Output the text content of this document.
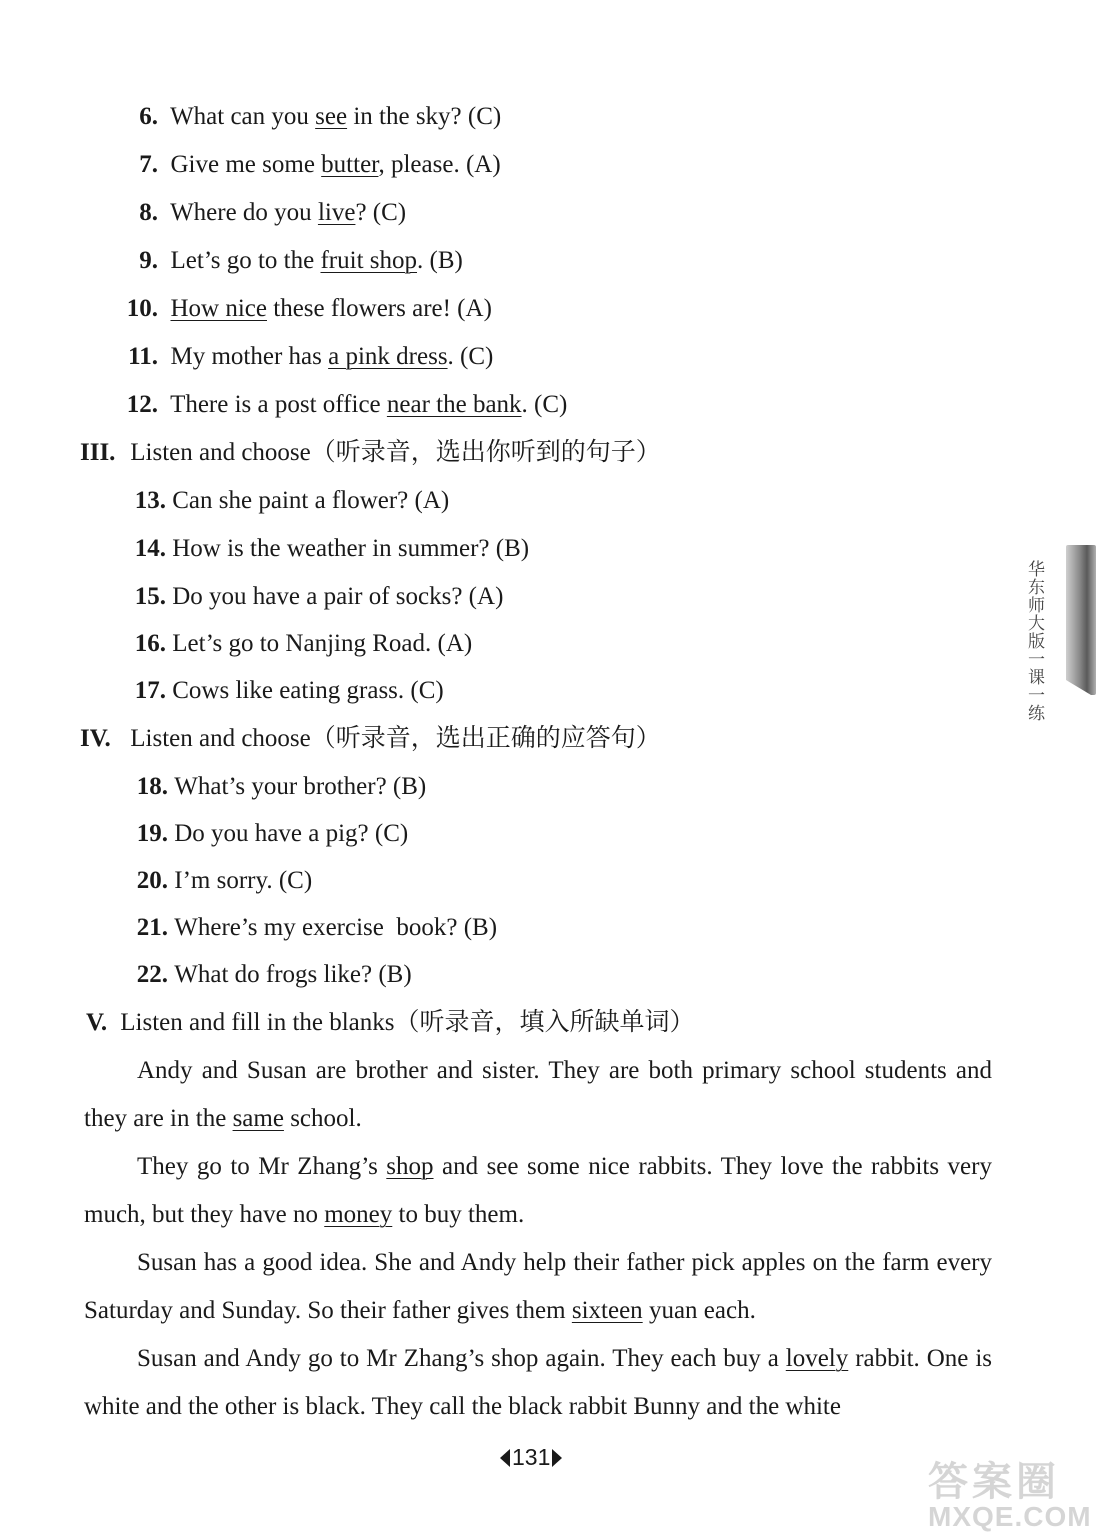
6. What can you see in the sky? (C)
7. Give me some butter, please. (A)
8. Where do you live? (C)
9. Let’s go to the fruit shop. (B)
10. How nice these flowers are! (A)
11. My mother has a pink dress. (C)
12. There is a post office near the bank. (C)
III. Listen and choose（听录音，选出你听到的句子）
13. Can she paint a flower? (A)
14. How is the weather in summer? (B)
15. Do you have a pair of socks? (A)
16. Let’s go to Nanjing Road. (A)
17. Cows like eating grass. (C)
IV. Listen and choose（听录音，选出正确的应答句）
18. What’s your brother? (B)
19. Do you have a pig? (C)
20. I’m sorry. (C)
21. Where’s my exercise  book? (B)
22. What do frogs like? (B)
V. Listen and fill in the blanks（听录音，填入所缺单词）

Andy and Susan are brother and sister. They are both primary school students and they are in the same school.

They go to Mr Zhang’s shop and see some nice rabbits. They love the rabbits very much, but they have no money to buy them.

Susan has a good idea. She and Andy help their father pick apples on the farm every Saturday and Sunday. So their father gives them sixteen yuan each.

Susan and Andy go to Mr Zhang’s shop again. They each buy a lovely rabbit. One is white and the other is black. They call the black rabbit Bunny and the white

华东师大版一课一练
131
答案圈
MXQE.COM
